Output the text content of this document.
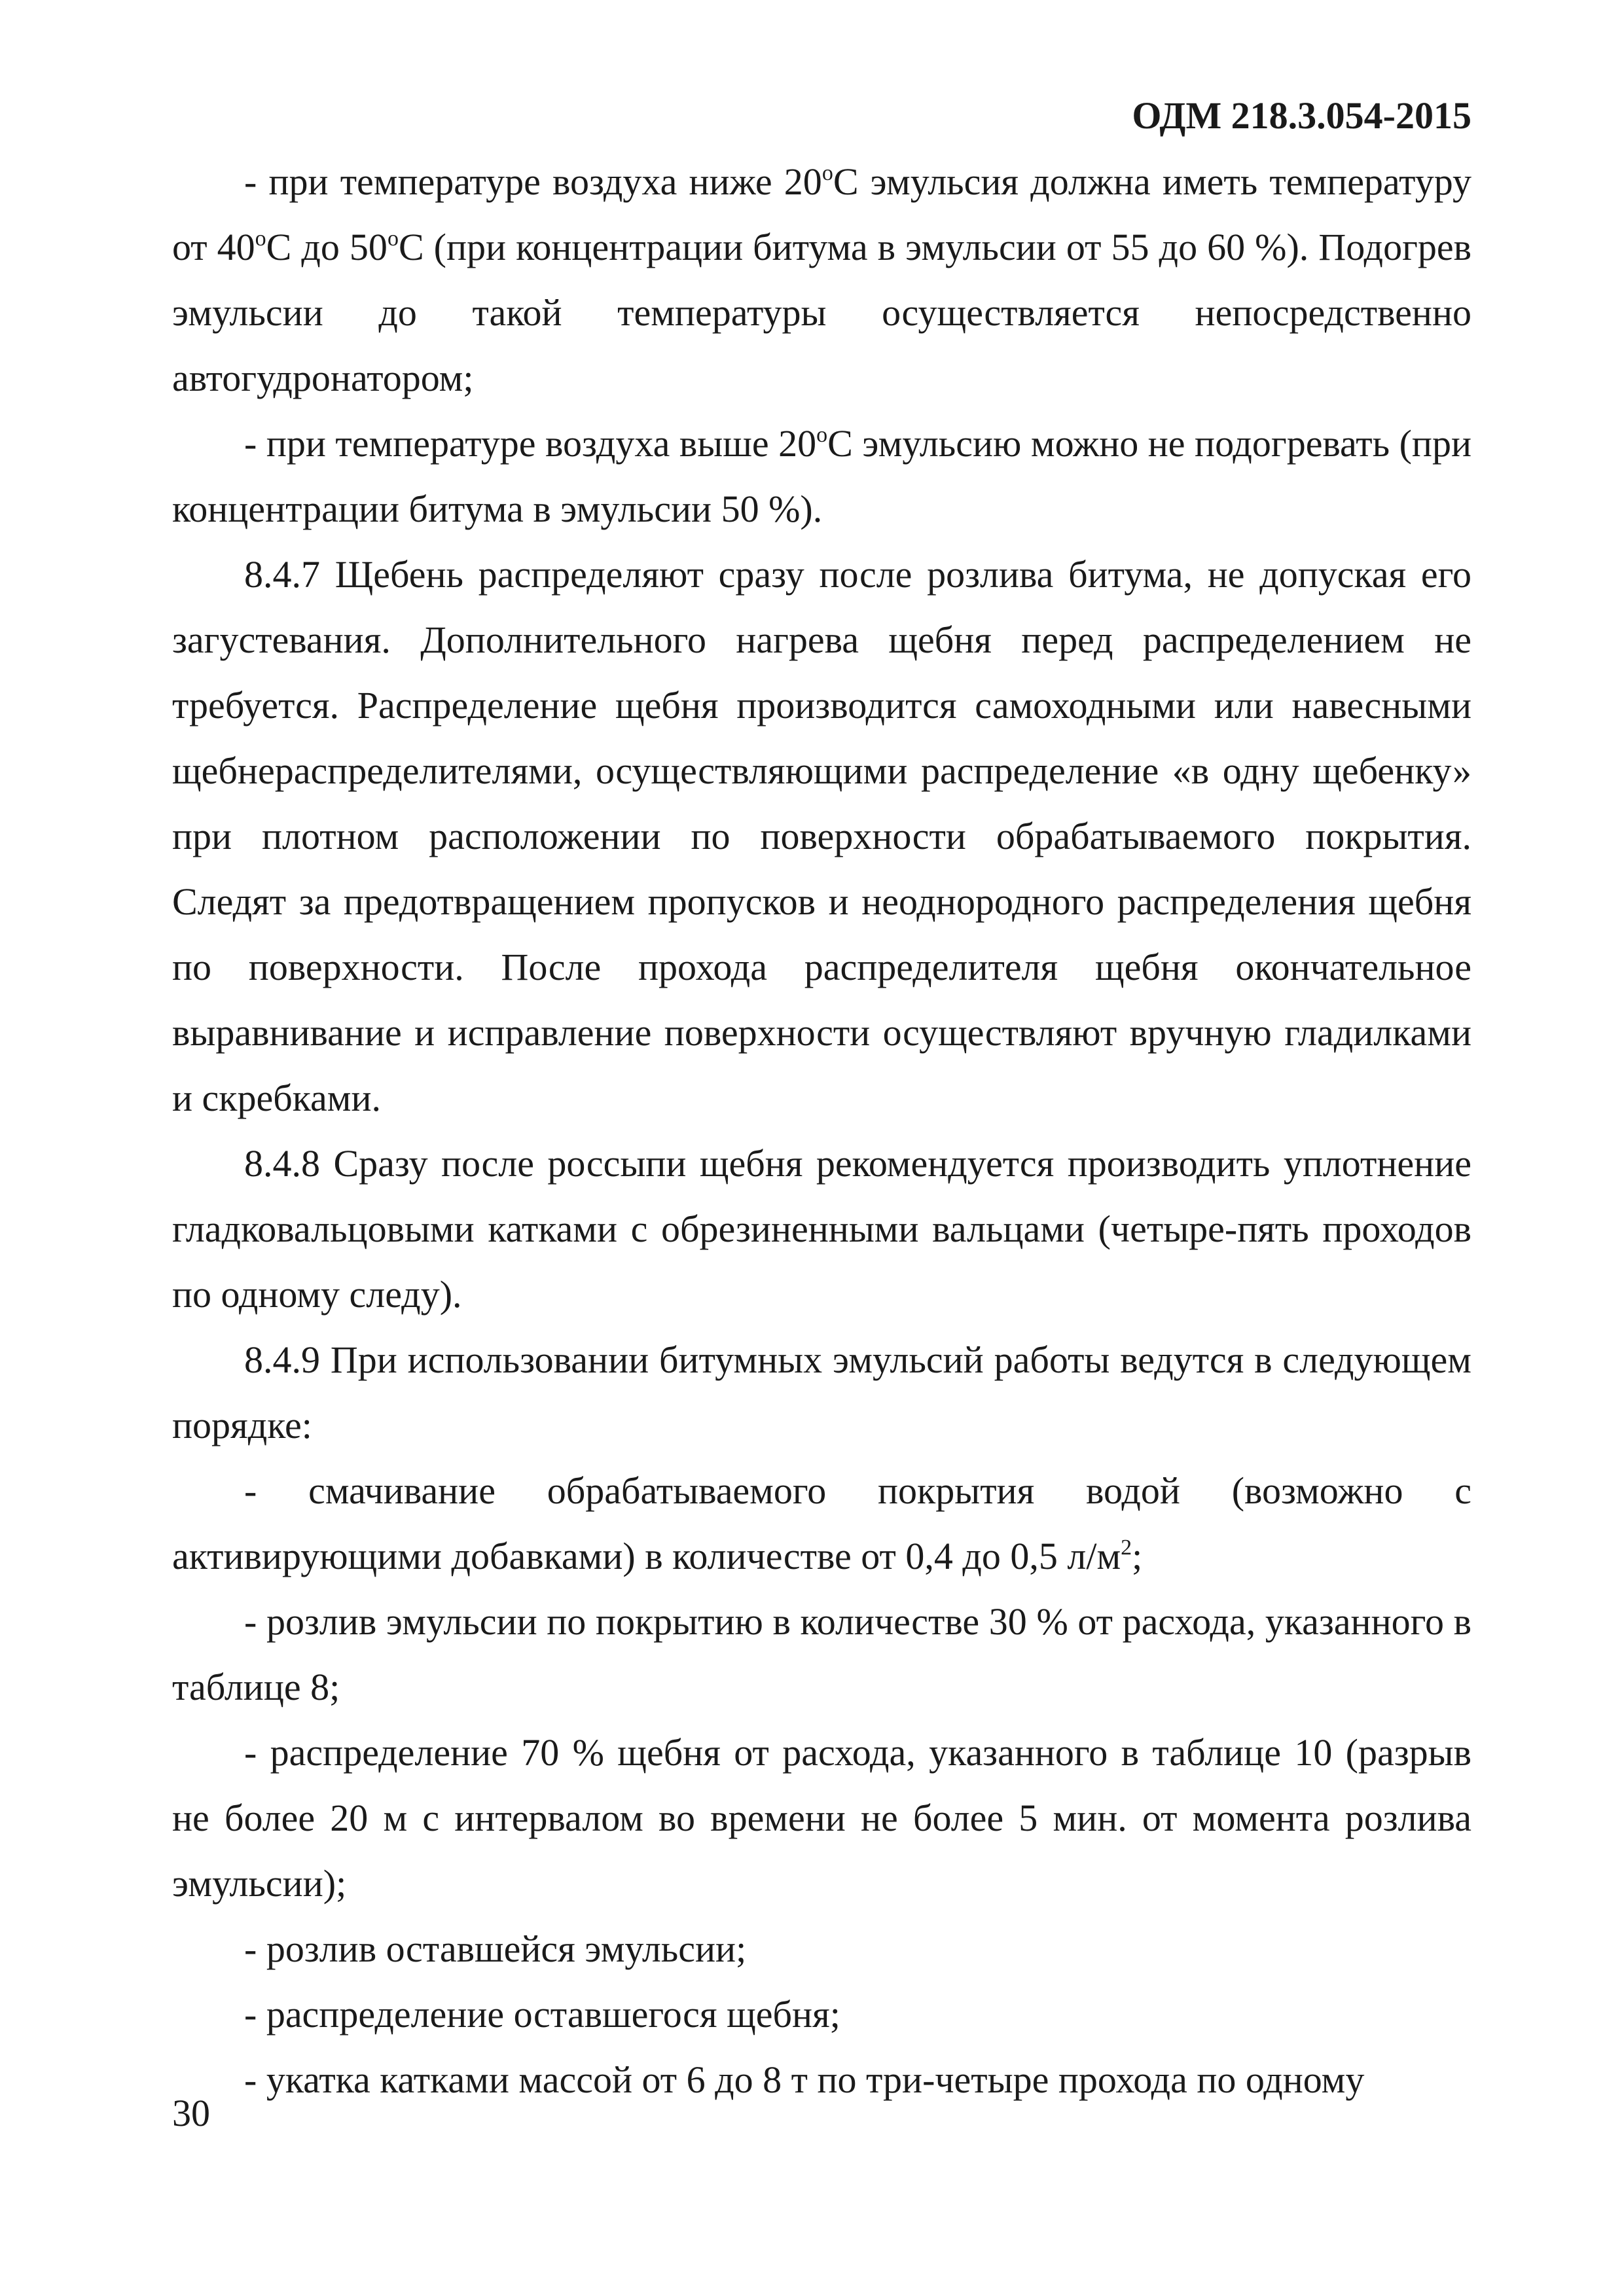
ОДМ 218.3.054-2015

- при температуре воздуха ниже $20^оС$ эмульсия должна иметь температуру от $40^оС$ до $50^оС$ (при концентрации битума в эмульсии от 55 до 60 %). Подогрев эмульсии до такой температуры осуществляется непосредственно автогудронатором;

- при температуре воздуха выше $20^оС$ эмульсию можно не подогревать (при концентрации битума в эмульсии 50 %).

8.4.7 Щебень распределяют сразу после розлива битума, не допуская его загустевания. Дополнительного нагрева щебня перед распределением не требуется. Распределение щебня производится самоходными или навесными щебнераспределителями, осуществляющими распределение «в одну щебенку» при плотном расположении по поверхности обрабатываемого покрытия. Следят за предотвращением пропусков и неоднородного распределения щебня по поверхности. После прохода распределителя щебня окончательное выравнивание и исправление поверхности осуществляют вручную гладилками и скребками.

8.4.8 Сразу после россыпи щебня рекомендуется производить уплотнение гладковальцовыми катками с обрезиненными вальцами (четыре-пять проходов по одному следу).

8.4.9 При использовании битумных эмульсий работы ведутся в следующем порядке:

- смачивание обрабатываемого покрытия водой (возможно с активирующими добавками) в количестве от 0,4 до 0,5 $л/м^2$;

- розлив эмульсии по покрытию в количестве 30 % от расхода, указанного в таблице 8;

- распределение 70 % щебня от расхода, указанного в таблице 10 (разрыв не более 20 м с интервалом во времени не более 5 мин. от момента розлива эмульсии);

- розлив оставшейся эмульсии;

- распределение оставшегося щебня;

- укатка катками массой от 6 до 8 т по три-четыре прохода по одному

30
